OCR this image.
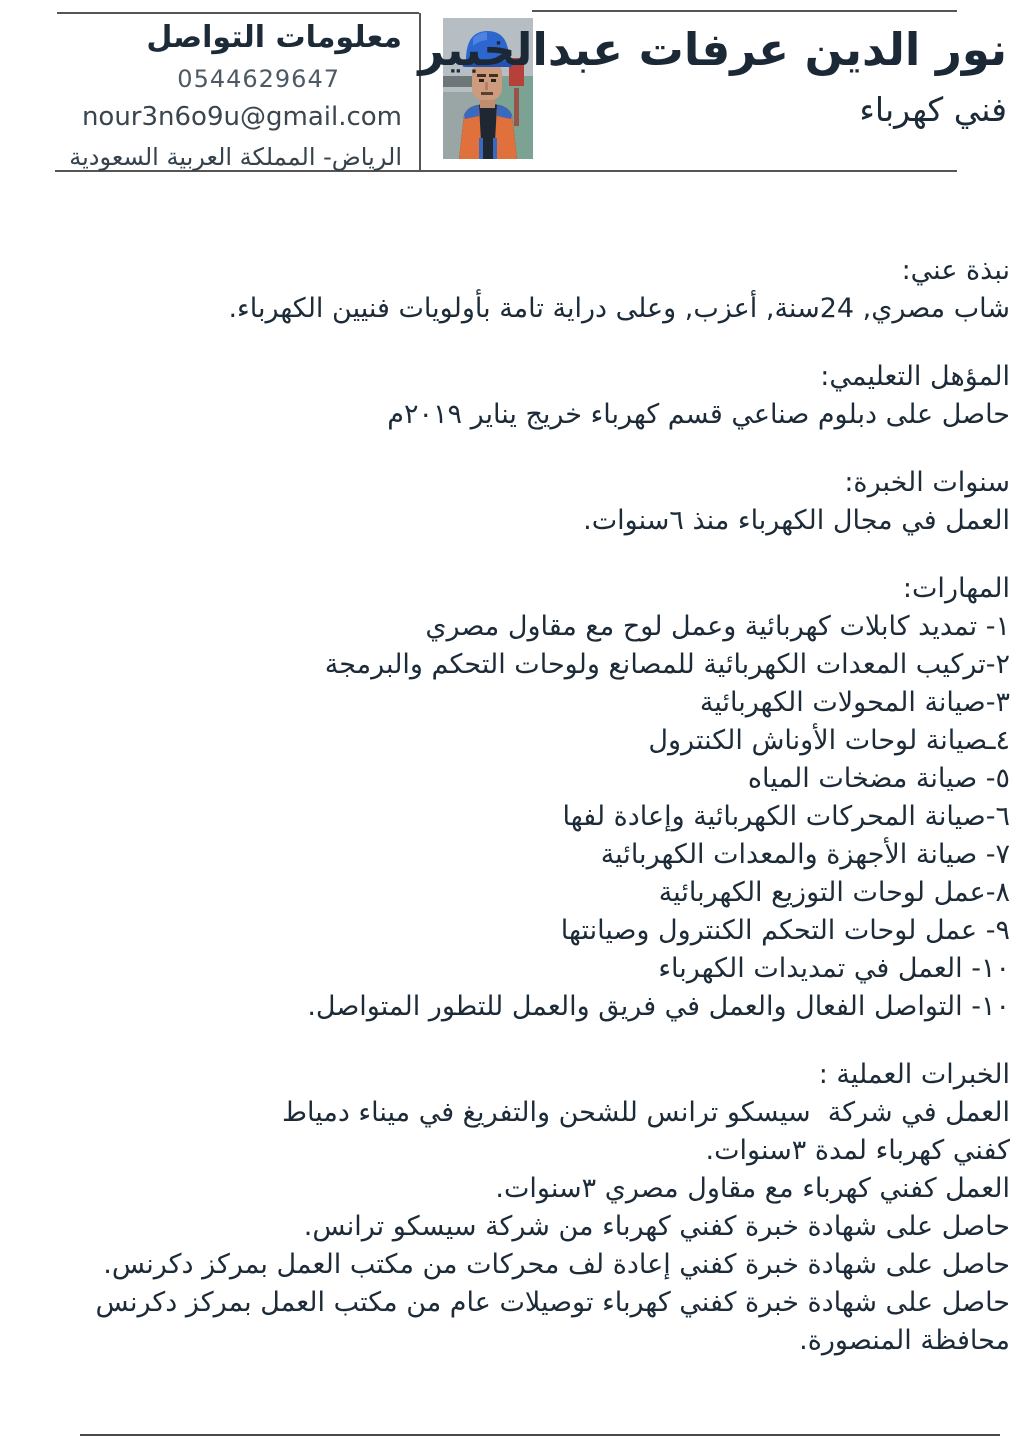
معلومات التواصل
0544629647
nour3n6o9u@gmail.com
الرياض- المملكة العربية السعودية
نور الدين عرفات عبدالخبير
فني كهرباء
نبذة عني:

شاب مصري, 24سنة, أعزب, وعلى دراية تامة بأولويات فنيين الكهرباء.

المؤهل التعليمي:

حاصل على دبلوم صناعي قسم كهرباء خريج يناير ٢٠١٩م

سنوات الخبرة:

العمل في مجال الكهرباء منذ ٦سنوات.

المهارات:

١- تمديد كابلات كهربائية وعمل لوح مع مقاول مصري

٢-تركيب المعدات الكهربائية للمصانع ولوحات التحكم والبرمجة

٣-صيانة المحولات الكهربائية

٤ـصيانة لوحات الأوناش الكنترول

٥- صيانة مضخات المياه

٦-صيانة المحركات الكهربائية وإعادة لفها

٧- صيانة الأجهزة والمعدات الكهربائية

٨-عمل لوحات التوزيع الكهربائية

٩- عمل لوحات التحكم الكنترول وصيانتها

١٠- العمل في تمديدات الكهرباء

١٠- التواصل الفعال والعمل في فريق والعمل للتطور المتواصل.

الخبرات العملية :

العمل في شركة  سيسكو ترانس للشحن والتفريغ في ميناء دمياط

كفني كهرباء لمدة ٣سنوات.

العمل كفني كهرباء مع مقاول مصري ٣سنوات.

حاصل على شهادة خبرة كفني كهرباء من شركة سيسكو ترانس.

حاصل على شهادة خبرة كفني إعادة لف محركات من مكتب العمل بمركز دكرنس.

حاصل على شهادة خبرة كفني كهرباء توصيلات عام من مكتب العمل بمركز دكرنس

محافظة المنصورة.
